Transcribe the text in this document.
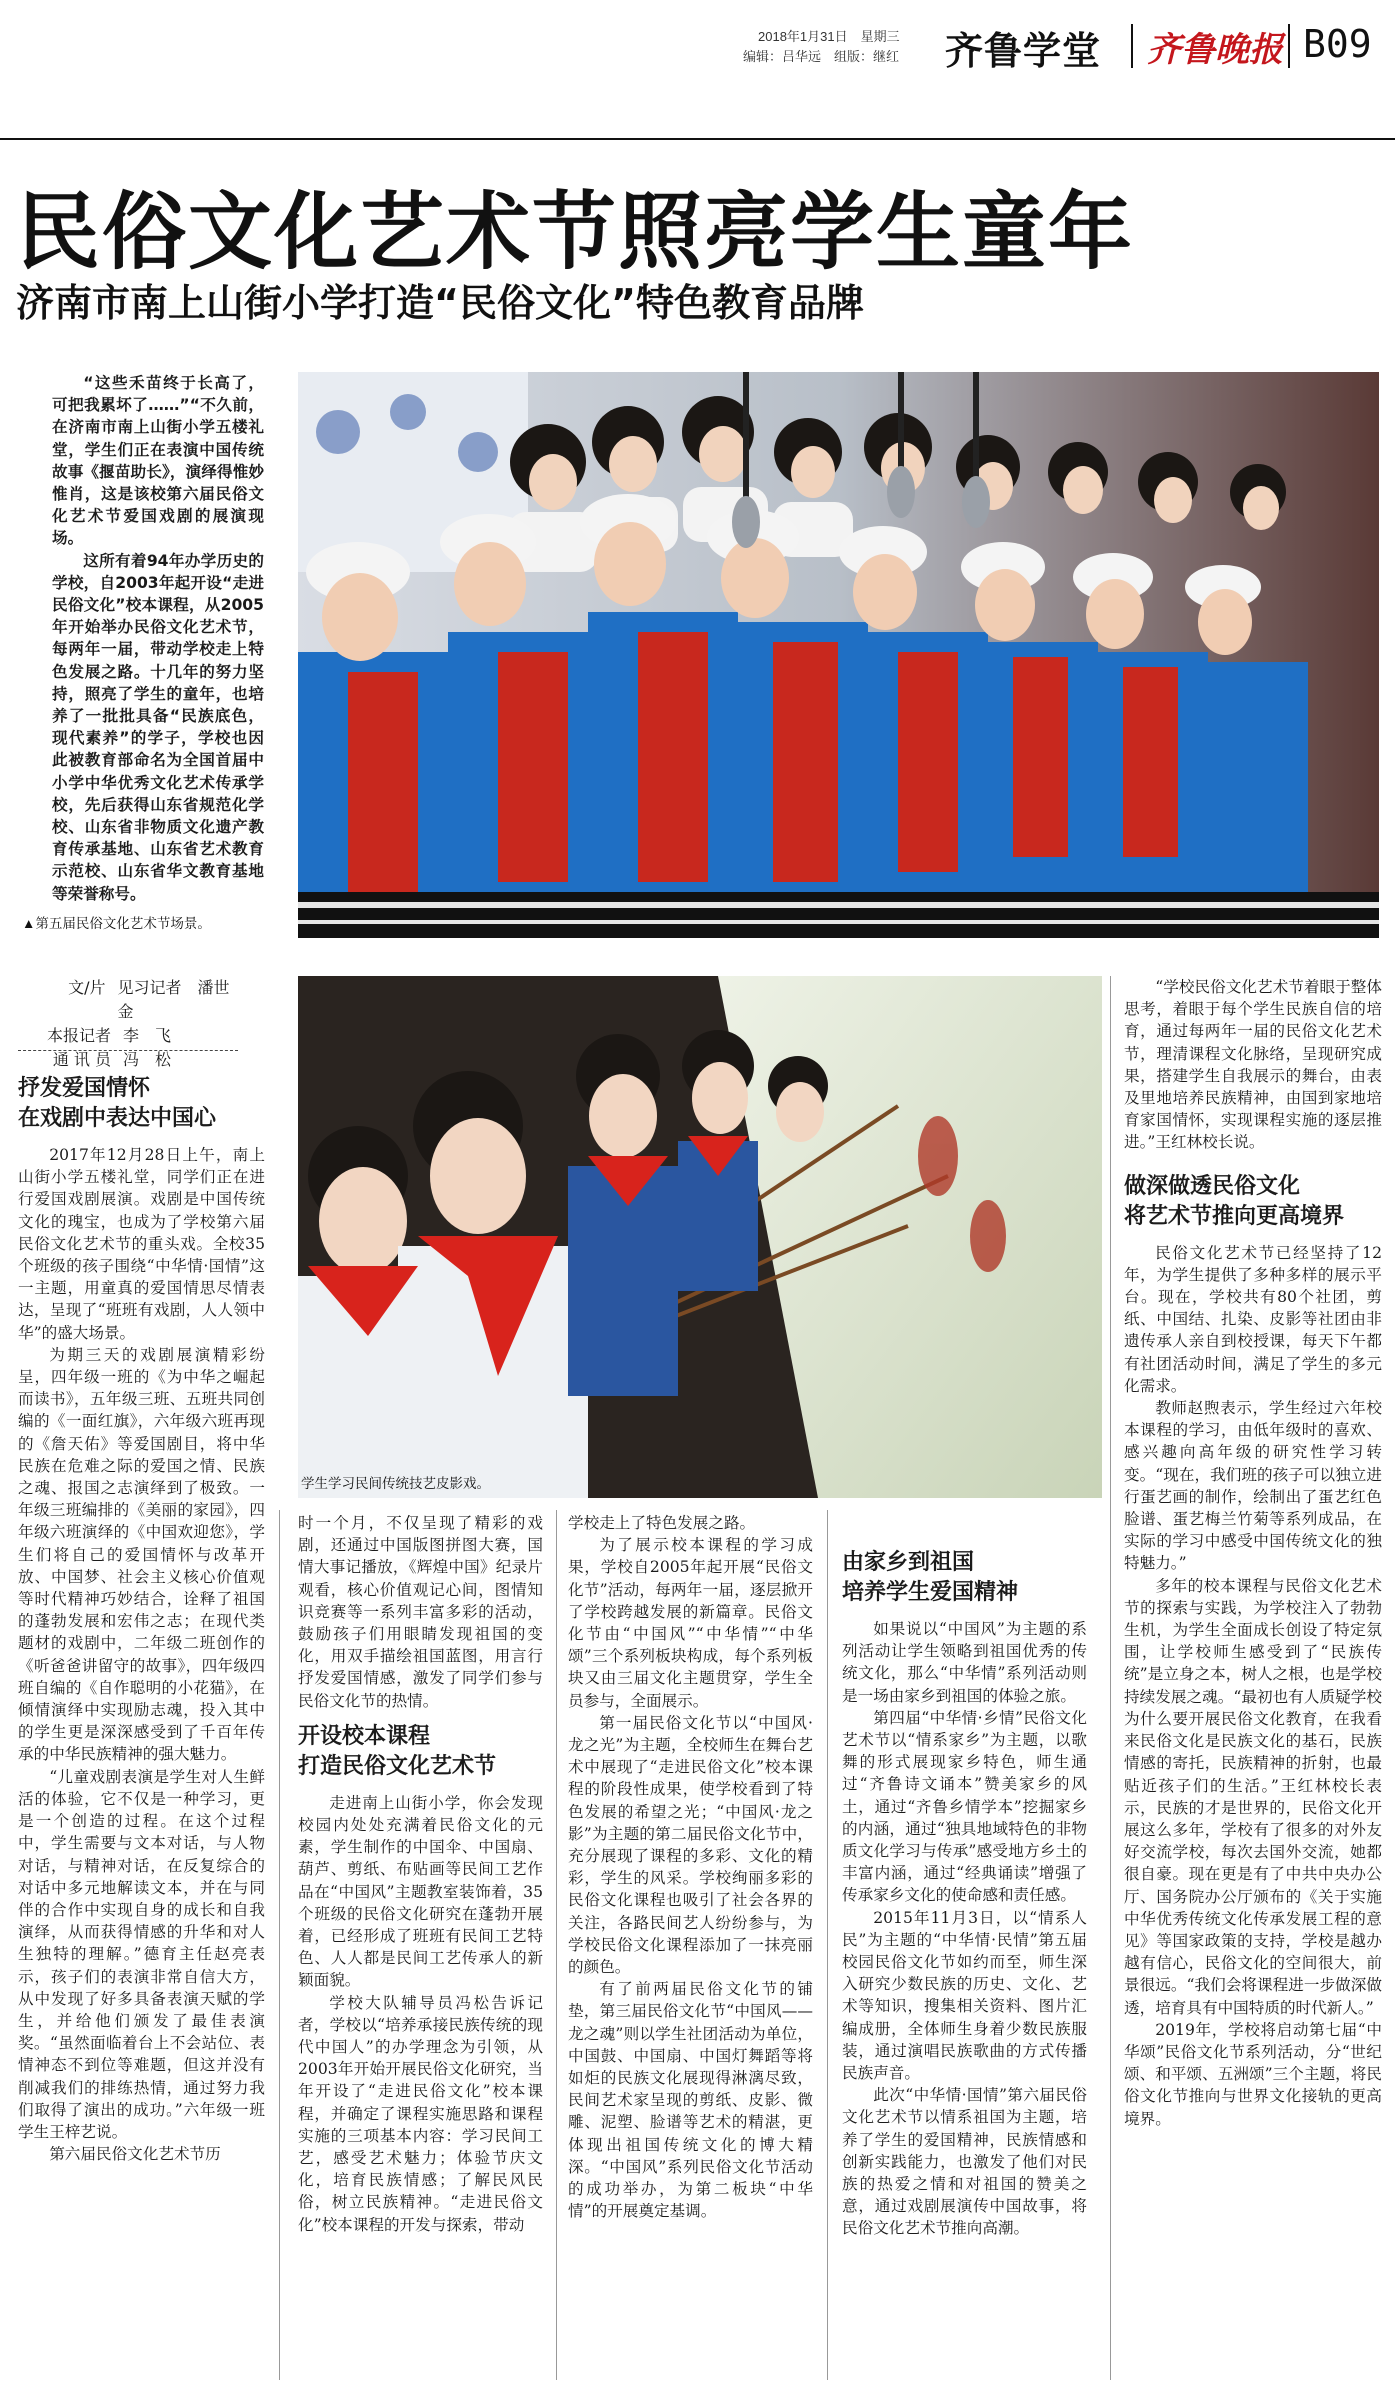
2018年1月31日　星期三
编辑：吕华远　组版：继红 齐鲁学堂 齐鲁晚报 B09
民俗文化艺术节照亮学生童年
济南市南上山街小学打造“民俗文化”特色教育品牌

“这些禾苗终于长高了，可把我累坏了……”“不久前，在济南市南上山街小学五楼礼堂，学生们正在表演中国传统故事《揠苗助长》，演绎得惟妙惟肖，这是该校第六届民俗文化艺术节爱国戏剧的展演现场。

这所有着94年办学历史的学校，自2003年起开设“走进民俗文化”校本课程，从2005年开始举办民俗文化艺术节，每两年一届，带动学校走上特色发展之路。十几年的努力坚持，照亮了学生的童年，也培养了一批批具备“民族底色，现代素养”的学子，学校也因此被教育部命名为全国首届中小学中华优秀文化艺术传承学校，先后获得山东省规范化学校、山东省非物质文化遗产教育传承基地、山东省艺术教育示范校、山东省华文教育基地等荣誉称号。

▲第五届民俗文化艺术节场景。
文/片 见习记者　潘世金
本报记者 李　飞
通 讯 员 冯　松
学生学习民间传统技艺皮影戏。
抒发爱国情怀
在戏剧中表达中国心

2017年12月28日上午，南上山街小学五楼礼堂，同学们正在进行爱国戏剧展演。戏剧是中国传统文化的瑰宝，也成为了学校第六届民俗文化艺术节的重头戏。全校35个班级的孩子围绕“中华情·国情”这一主题，用童真的爱国情思尽情表达，呈现了“班班有戏剧，人人领中华”的盛大场景。

为期三天的戏剧展演精彩纷呈，四年级一班的《为中华之崛起而读书》，五年级三班、五班共同创编的《一面红旗》，六年级六班再现的《詹天佑》等爱国剧目，将中华民族在危难之际的爱国之情、民族之魂、报国之志演绎到了极致。一年级三班编排的《美丽的家园》，四年级六班演绎的《中国欢迎您》，学生们将自己的爱国情怀与改革开放、中国梦、社会主义核心价值观等时代精神巧妙结合，诠释了祖国的蓬勃发展和宏伟之志；在现代类题材的戏剧中，二年级二班创作的《听爸爸讲留守的故事》，四年级四班自编的《自作聪明的小花猫》，在倾情演绎中实现励志魂，投入其中的学生更是深深感受到了千百年传承的中华民族精神的强大魅力。

“儿童戏剧表演是学生对人生鲜活的体验，它不仅是一种学习，更是一个创造的过程。在这个过程中，学生需要与文本对话，与人物对话，与精神对话，在反复综合的对话中多元地解读文本，并在与同伴的合作中实现自身的成长和自我演绎，从而获得情感的升华和对人生独特的理解。”德育主任赵亮表示，孩子们的表演非常自信大方，从中发现了好多具备表演天赋的学生，并给他们颁发了最佳表演奖。“虽然面临着台上不会站位、表情神态不到位等难题，但这并没有削减我们的排练热情，通过努力我们取得了演出的成功。”六年级一班学生王梓艺说。

第六届民俗文化艺术节历

时一个月，不仅呈现了精彩的戏剧，还通过中国版图拼图大赛，国情大事记播放，《辉煌中国》纪录片观看，核心价值观记心间，图情知识竞赛等一系列丰富多彩的活动，鼓励孩子们用眼睛发现祖国的变化，用双手描绘祖国蓝图，用言行抒发爱国情感，激发了同学们参与民俗文化节的热情。

开设校本课程
打造民俗文化艺术节

走进南上山街小学，你会发现校园内处处充满着民俗文化的元素，学生制作的中国伞、中国扇、葫芦、剪纸、布贴画等民间工艺作品在“中国风”主题教室装饰着，35个班级的民俗文化研究在蓬勃开展着，已经形成了班班有民间工艺特色、人人都是民间工艺传承人的新颖面貌。

学校大队辅导员冯松告诉记者，学校以“培养承接民族传统的现代中国人”的办学理念为引领，从2003年开始开展民俗文化研究，当年开设了“走进民俗文化”校本课程，并确定了课程实施思路和课程实施的三项基本内容：学习民间工艺，感受艺术魅力；体验节庆文化，培育民族情感；了解民风民俗，树立民族精神。“走进民俗文化”校本课程的开发与探索，带动

学校走上了特色发展之路。

为了展示校本课程的学习成果，学校自2005年起开展“民俗文化节”活动，每两年一届，逐层掀开了学校跨越发展的新篇章。民俗文化节由“中国风”“中华情”“中华颂”三个系列板块构成，每个系列板块又由三届文化主题贯穿，学生全员参与，全面展示。

第一届民俗文化节以“中国风·龙之光”为主题，全校师生在舞台艺术中展现了“走进民俗文化”校本课程的阶段性成果，使学校看到了特色发展的希望之光；“中国风·龙之影”为主题的第二届民俗文化节中，充分展现了课程的多彩、文化的精彩，学生的风采。学校绚丽多彩的民俗文化课程也吸引了社会各界的关注，各路民间艺人纷纷参与，为学校民俗文化课程添加了一抹亮丽的颜色。

有了前两届民俗文化节的铺垫，第三届民俗文化节“中国风——龙之魂”则以学生社团活动为单位，中国鼓、中国扇、中国灯舞蹈等将如炬的民族文化展现得淋漓尽致，民间艺术家呈现的剪纸、皮影、微雕、泥塑、脸谱等艺术的精湛，更体现出祖国传统文化的博大精深。“中国风”系列民俗文化节活动的成功举办，为第二板块“中华情”的开展奠定基调。

由家乡到祖国
培养学生爱国精神

如果说以“中国风”为主题的系列活动让学生领略到祖国优秀的传统文化，那么“中华情”系列活动则是一场由家乡到祖国的体验之旅。

第四届“中华情·乡情”民俗文化艺术节以“情系家乡”为主题，以歌舞的形式展现家乡特色，师生通过“齐鲁诗文诵本”赞美家乡的风土，通过“齐鲁乡情学本”挖掘家乡的内涵，通过“独具地域特色的非物质文化学习与传承”感受地方乡土的丰富内涵，通过“经典诵读”增强了传承家乡文化的使命感和责任感。

2015年11月3日，以“情系人民”为主题的“中华情·民情”第五届校园民俗文化节如约而至，师生深入研究少数民族的历史、文化、艺术等知识，搜集相关资料、图片汇编成册，全体师生身着少数民族服装，通过演唱民族歌曲的方式传播民族声音。

此次“中华情·国情”第六届民俗文化艺术节以情系祖国为主题，培养了学生的爱国精神，民族情感和创新实践能力，也激发了他们对民族的热爱之情和对祖国的赞美之意，通过戏剧展演传中国故事，将民俗文化艺术节推向高潮。

“学校民俗文化艺术节着眼于整体思考，着眼于每个学生民族自信的培育，通过每两年一届的民俗文化艺术节，理清课程文化脉络，呈现研究成果，搭建学生自我展示的舞台，由表及里地培养民族精神，由国到家地培育家国情怀，实现课程实施的逐层推进。”王红林校长说。

做深做透民俗文化
将艺术节推向更高境界

民俗文化艺术节已经坚持了12年，为学生提供了多种多样的展示平台。现在，学校共有80个社团，剪纸、中国结、扎染、皮影等社团由非遗传承人亲自到校授课，每天下午都有社团活动时间，满足了学生的多元化需求。

教师赵煦表示，学生经过六年校本课程的学习，由低年级时的喜欢、感兴趣向高年级的研究性学习转变。“现在，我们班的孩子可以独立进行蛋艺画的制作，绘制出了蛋艺红色脸谱、蛋艺梅兰竹菊等系列成品，在实际的学习中感受中国传统文化的独特魅力。”

多年的校本课程与民俗文化艺术节的探索与实践，为学校注入了勃勃生机，为学生全面成长创设了特定氛围，让学校师生感受到了“民族传统”是立身之本，树人之根，也是学校持续发展之魂。“最初也有人质疑学校为什么要开展民俗文化教育，在我看来民俗文化是民族文化的基石，民族情感的寄托，民族精神的折射，也最贴近孩子们的生活。”王红林校长表示，民族的才是世界的，民俗文化开展这么多年，学校有了很多的对外友好交流学校，每次去国外交流，她都很自豪。现在更是有了中共中央办公厅、国务院办公厅颁布的《关于实施中华优秀传统文化传承发展工程的意见》等国家政策的支持，学校是越办越有信心，民俗文化的空间很大，前景很远。“我们会将课程进一步做深做透，培育具有中国特质的时代新人。”

2019年，学校将启动第七届“中华颂”民俗文化节系列活动，分“世纪颂、和平颂、五洲颂”三个主题，将民俗文化节推向与世界文化接轨的更高境界。
